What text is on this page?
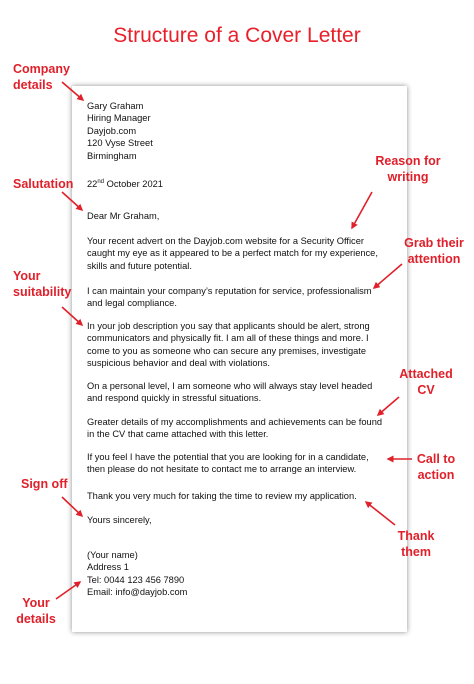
Structure of a Cover Letter

Gary Graham

Hiring Manager

Dayjob.com

120 Vyse Street

Birmingham

22nd October 2021
Dear Mr Graham,

Your recent advert on the Dayjob.com website for a Security Officer

caught my eye as it appeared to be a perfect match for my experience,

skills and future potential.

I can maintain your company’s reputation for service, professionalism

and legal compliance.

In your job description you say that applicants should be alert, strong

communicators and physically fit. I am all of these things and more. I

come to you as someone who can secure any premises, investigate

suspicious behavior and deal with violations.

On a personal level, I am someone who will always stay level headed

and respond quickly in stressful situations.

Greater details of my accomplishments and achievements can be found

in the CV that came attached with this letter.

If you feel I have the potential that you are looking for in a candidate,

then please do not hesitate to contact me to arrange an interview.

Thank you very much for taking the time to review my application.
Yours sincerely,

(Your name)

Address 1

Tel: 0044 123 456 7890

Email: info@dayjob.com

Company
details
Salutation
Your
suitability
Sign off
Your
details
Reason for
writing
Grab their
attention
Attached
CV
Call to
action
Thank
them
